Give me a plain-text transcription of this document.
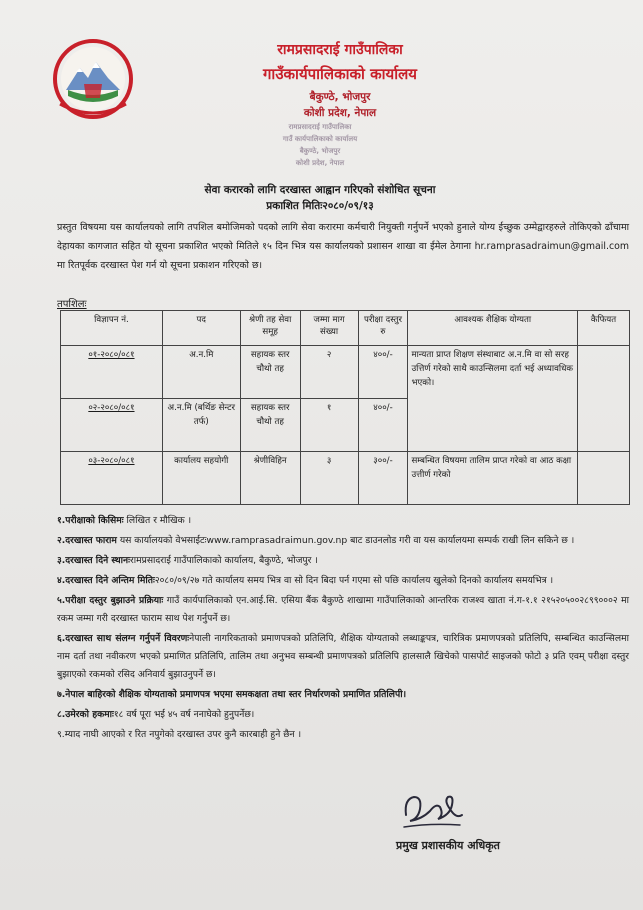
रामप्रसादराई गाउँपालिका
गाउँकार्यपालिकाको कार्यालय
बैकुण्ठे, भोजपुर
कोशी प्रदेश, नेपाल
रामप्रसादराई गाउँपालिका
गाउँ कार्यपालिकाको कार्यालय
बैकुण्ठे, भोजपुर
कोशी प्रदेश, नेपाल
सेवा करारको लागि दरखास्त आह्वान गरिएको संशोधित सूचना
प्रकाशित मितिः२०८०/०९/१३
प्रस्तुत विषयमा यस कार्यालयको लागि तपशिल बमोजिमको पदको लागि सेवा करारमा कर्मचारी नियुक्ती गर्नुपर्ने भएको हुनाले योग्य ईच्छुक उम्मेद्वारहरुले तोकिएको ढाँचामा देहायका कागजात सहित यो सूचना प्रकाशित भएको मितिले १५ दिन भित्र यस कार्यालयको प्रशासन शाखा वा ईमेल ठेगाना hr.ramprasadraimun@gmail.com मा रितपूर्वक दरखास्त पेश गर्न यो सूचना प्रकाशन गरिएको छ।
तपशिलः
विज्ञापन नं.	पद	श्रेणी तह सेवा समूह	जम्मा माग संख्या	परीक्षा दस्तुर रु	आवश्यक शैक्षिक योग्यता	कैफियत
०१-२०८०/०८१	अ.न.मि	सहायक स्तर चौथो तह	२	४००/-	मान्यता प्राप्त शिक्षण संस्थाबाट अ.न.मि वा सो सरह उत्तिर्ण गरेको साथै काउन्सिलमा दर्ता भई अध्यावधिक भएको।	
०२-२०८०/०८१	अ.न.मि (बर्थिङ सेन्टर तर्फ)	सहायक स्तर चौथो तह	१	४००/-		
०३-२०८०/०८१	कार्यालय सहयोगी	श्रेणीविहिन	३	३००/-	सम्बन्धित विषयमा तालिम प्राप्त गरेको वा आठ कक्षा उत्तीर्ण गरेको	

१.परीक्षाको किसिमः लिखित र मौखिक ।

२.दरखास्त फाराम यस कार्यालयको वेभसाईटःwww.ramprasadraimun.gov.np बाट डाउनलोड गरी वा यस कार्यालयमा सम्पर्क राखी लिन सकिने छ ।

३.दरखास्त दिने स्थानःरामप्रसादराई गाउँपालिकाको कार्यालय, बैकुण्ठे, भोजपुर ।

४.दरखास्त दिने अन्तिम मितिः२०८०/०९/२७ गते कार्यालय समय भित्र वा सो दिन बिदा पर्न गएमा सो पछि कार्यालय खुलेको दिनको कार्यालय समयभित्र ।

५.परीक्षा दस्तुर बुझाउने प्रक्रियाः गाउँ कार्यपालिकाको एन.आई.सि. एसिया बैंक बैकुण्ठे शाखामा गाउँपालिकाको आन्तरिक राजश्व खाता नं.ग-१.१ २१५२०५००२८९९०००२ मा रकम जम्मा गरी दरखास्त फाराम साथ पेश गर्नुपर्ने छ।

६.दरखास्त साथ संलग्न गर्नुपर्ने विवरणःनेपाली नागरिकताको प्रमाणपत्रको प्रतिलिपि, शैक्षिक योग्यताको लब्धाङ्कपत्र, चारित्रिक प्रमाणपत्रको प्रतिलिपि, सम्बन्धित काउन्सिलमा नाम दर्ता तथा नवीकरण भएको प्रमाणित प्रतिलिपि, तालिम तथा अनुभव सम्बन्धी प्रमाणपत्रको प्रतिलिपि हालसालै खिचेको पासपोर्ट साइजको फोटो ३ प्रति एवम् परीक्षा दस्तुर बुझाएको रकमको रसिद अनिवार्य बुझाउनुपर्ने छ।

७.नेपाल बाहिरको शैक्षिक योग्यताको प्रमाणपत्र भएमा समकक्षता तथा स्तर निर्धारणको प्रमाणित प्रतिलिपी।

८.उमेरको हकमाः१८ वर्ष पूरा भई ४५ वर्ष ननाघेको हुनुपर्नेछ।

९.म्याद नाघी आएको र रित नपुगेको दरखास्त उपर कुनै कारबाही हुने छैन ।

प्रमुख प्रशासकीय अधिकृत
